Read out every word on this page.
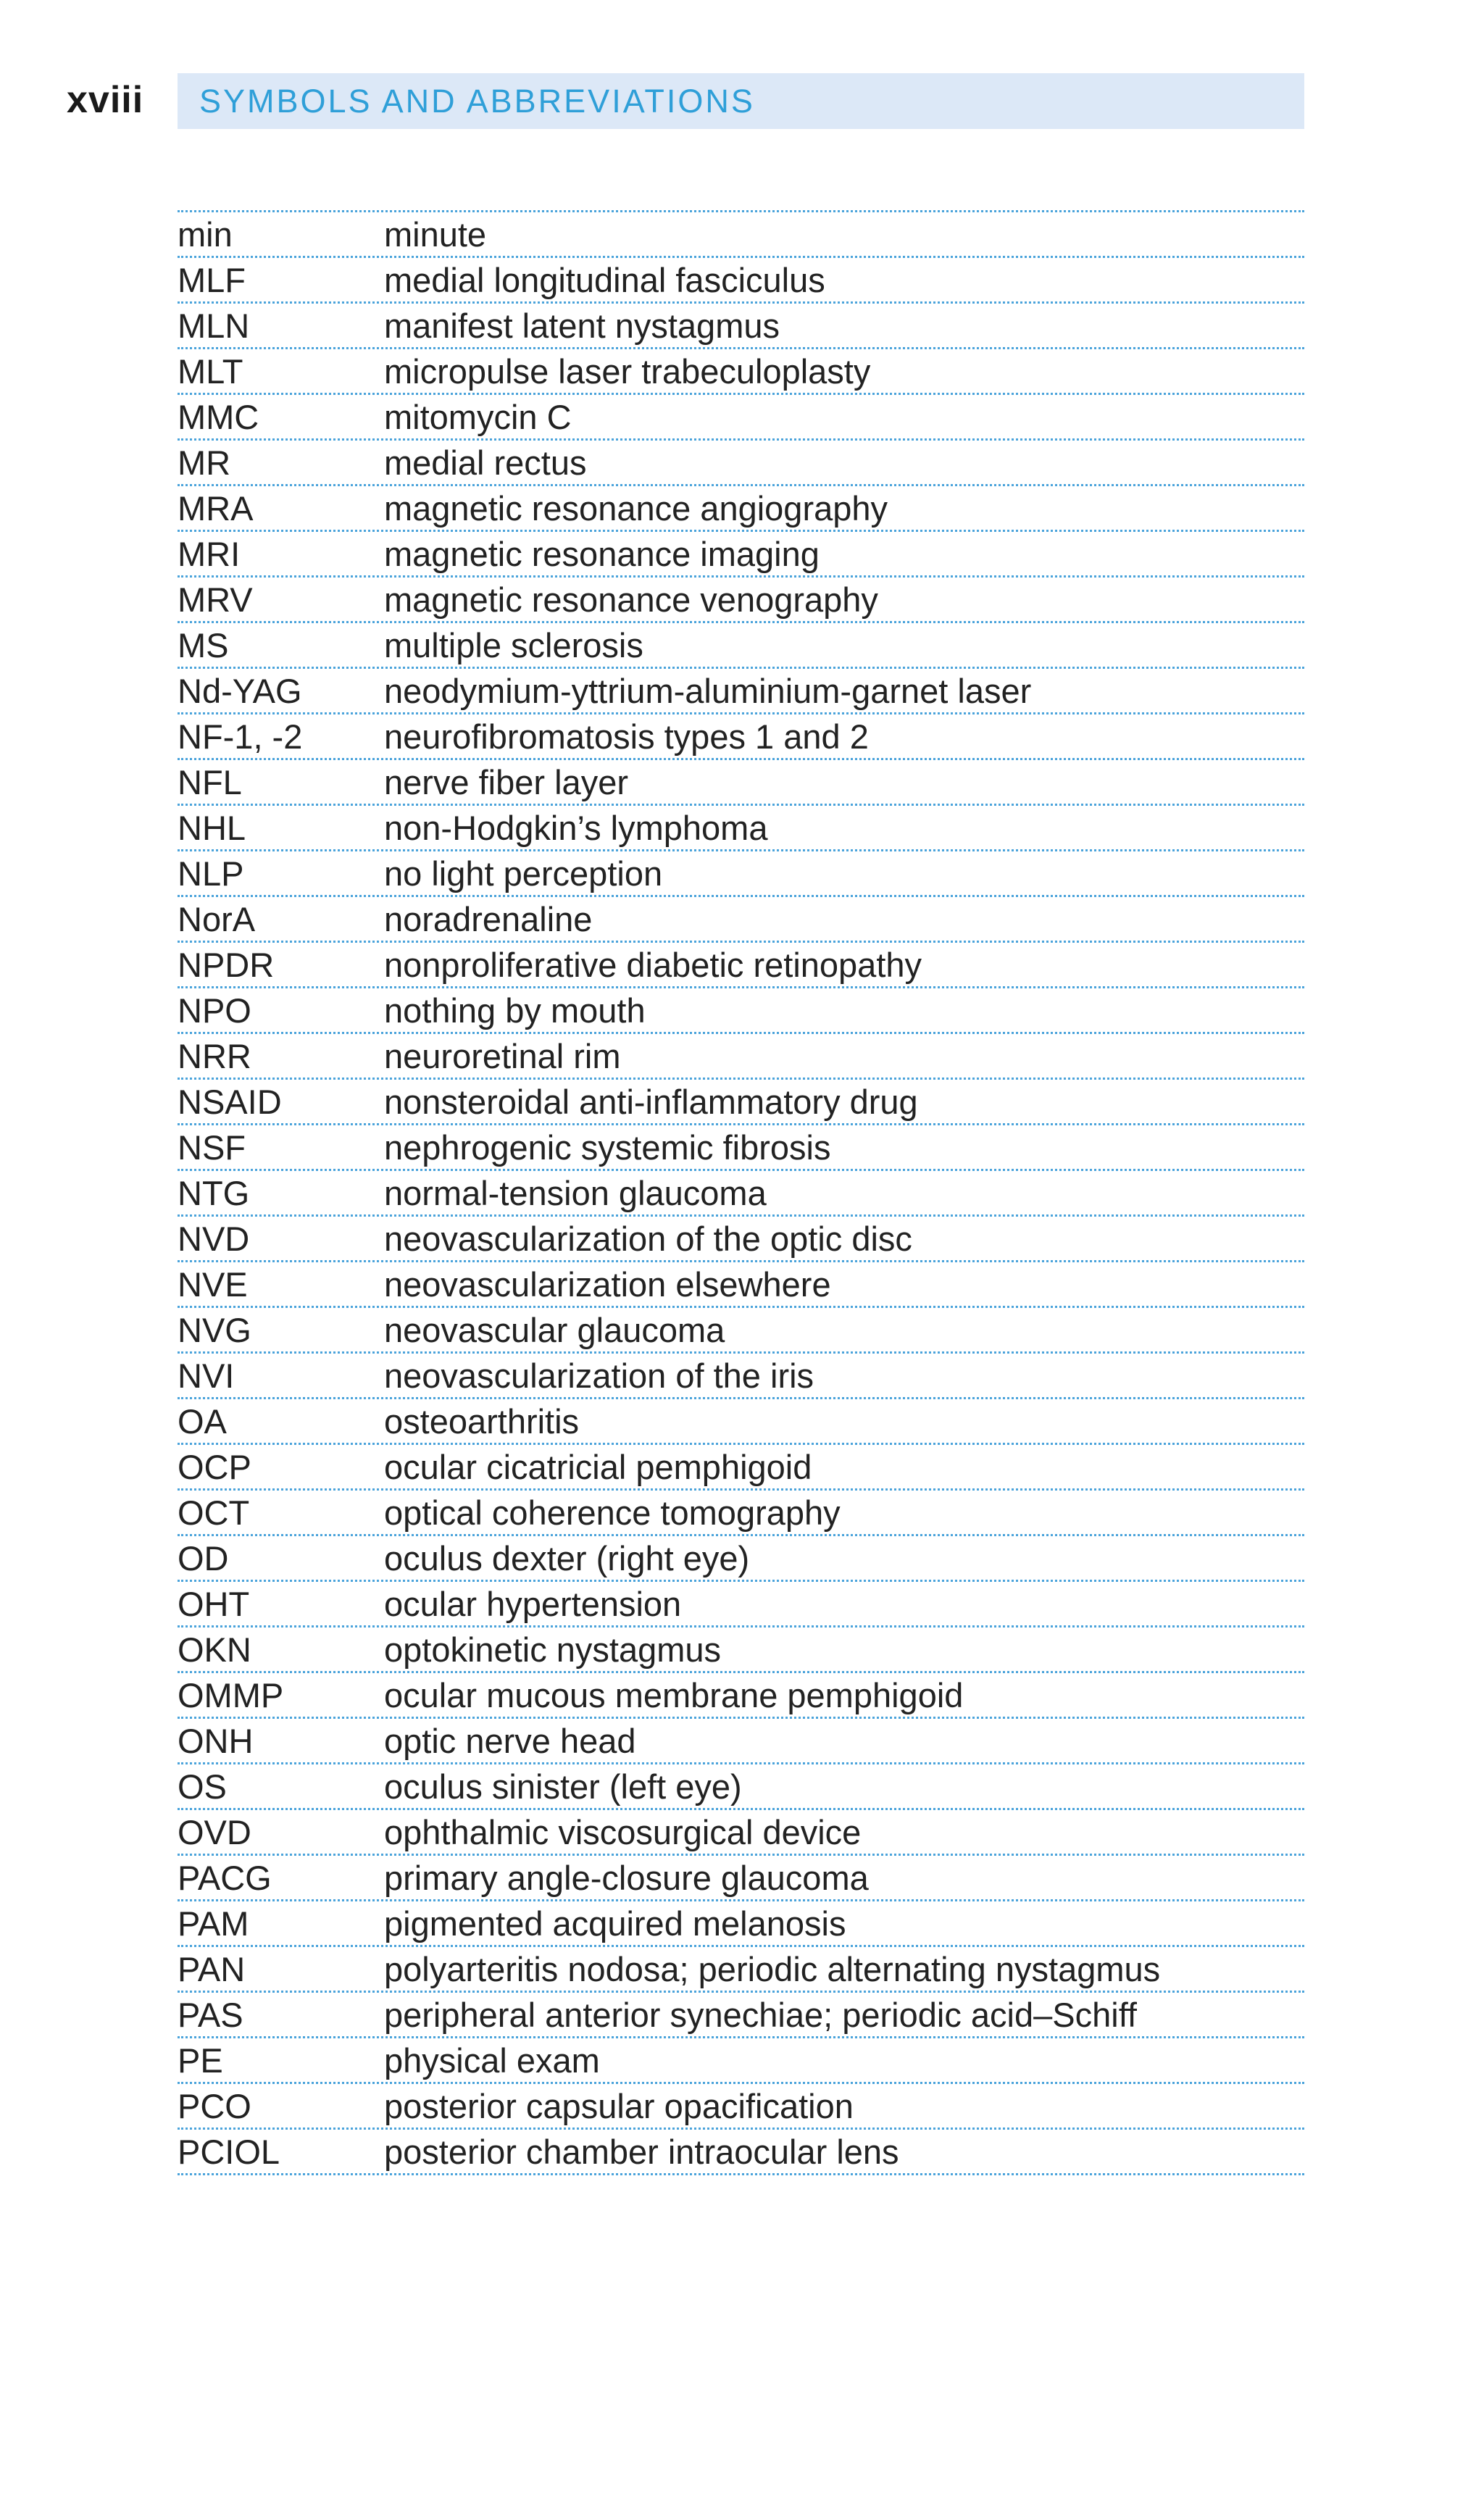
xviii SYMBOLS AND ABBREVIATIONS
min	minute
MLF	medial longitudinal fasciculus
MLN	manifest latent nystagmus
MLT	micropulse laser trabeculoplasty
MMC	mitomycin C
MR	medial rectus
MRA	magnetic resonance angiography
MRI	magnetic resonance imaging
MRV	magnetic resonance venography
MS	multiple sclerosis
Nd-YAG	neodymium-yttrium-aluminium-garnet laser
NF-1, -2	neurofibromatosis types 1 and 2
NFL	nerve fiber layer
NHL	non-Hodgkin’s lymphoma
NLP	no light perception
NorA	noradrenaline
NPDR	nonproliferative diabetic retinopathy
NPO	nothing by mouth
NRR	neuroretinal rim
NSAID	nonsteroidal anti-inflammatory drug
NSF	nephrogenic systemic fibrosis
NTG	normal-tension glaucoma
NVD	neovascularization of the optic disc
NVE	neovascularization elsewhere
NVG	neovascular glaucoma
NVI	neovascularization of the iris
OA	osteoarthritis
OCP	ocular cicatricial pemphigoid
OCT	optical coherence tomography
OD	oculus dexter (right eye)
OHT	ocular hypertension
OKN	optokinetic nystagmus
OMMP	ocular mucous membrane pemphigoid
ONH	optic nerve head
OS	oculus sinister (left eye)
OVD	ophthalmic viscosurgical device
PACG	primary angle-closure glaucoma
PAM	pigmented acquired melanosis
PAN	polyarteritis nodosa; periodic alternating nystagmus
PAS	peripheral anterior synechiae; periodic acid–Schiff
PE	physical exam
PCO	posterior capsular opacification
PCIOL	posterior chamber intraocular lens
